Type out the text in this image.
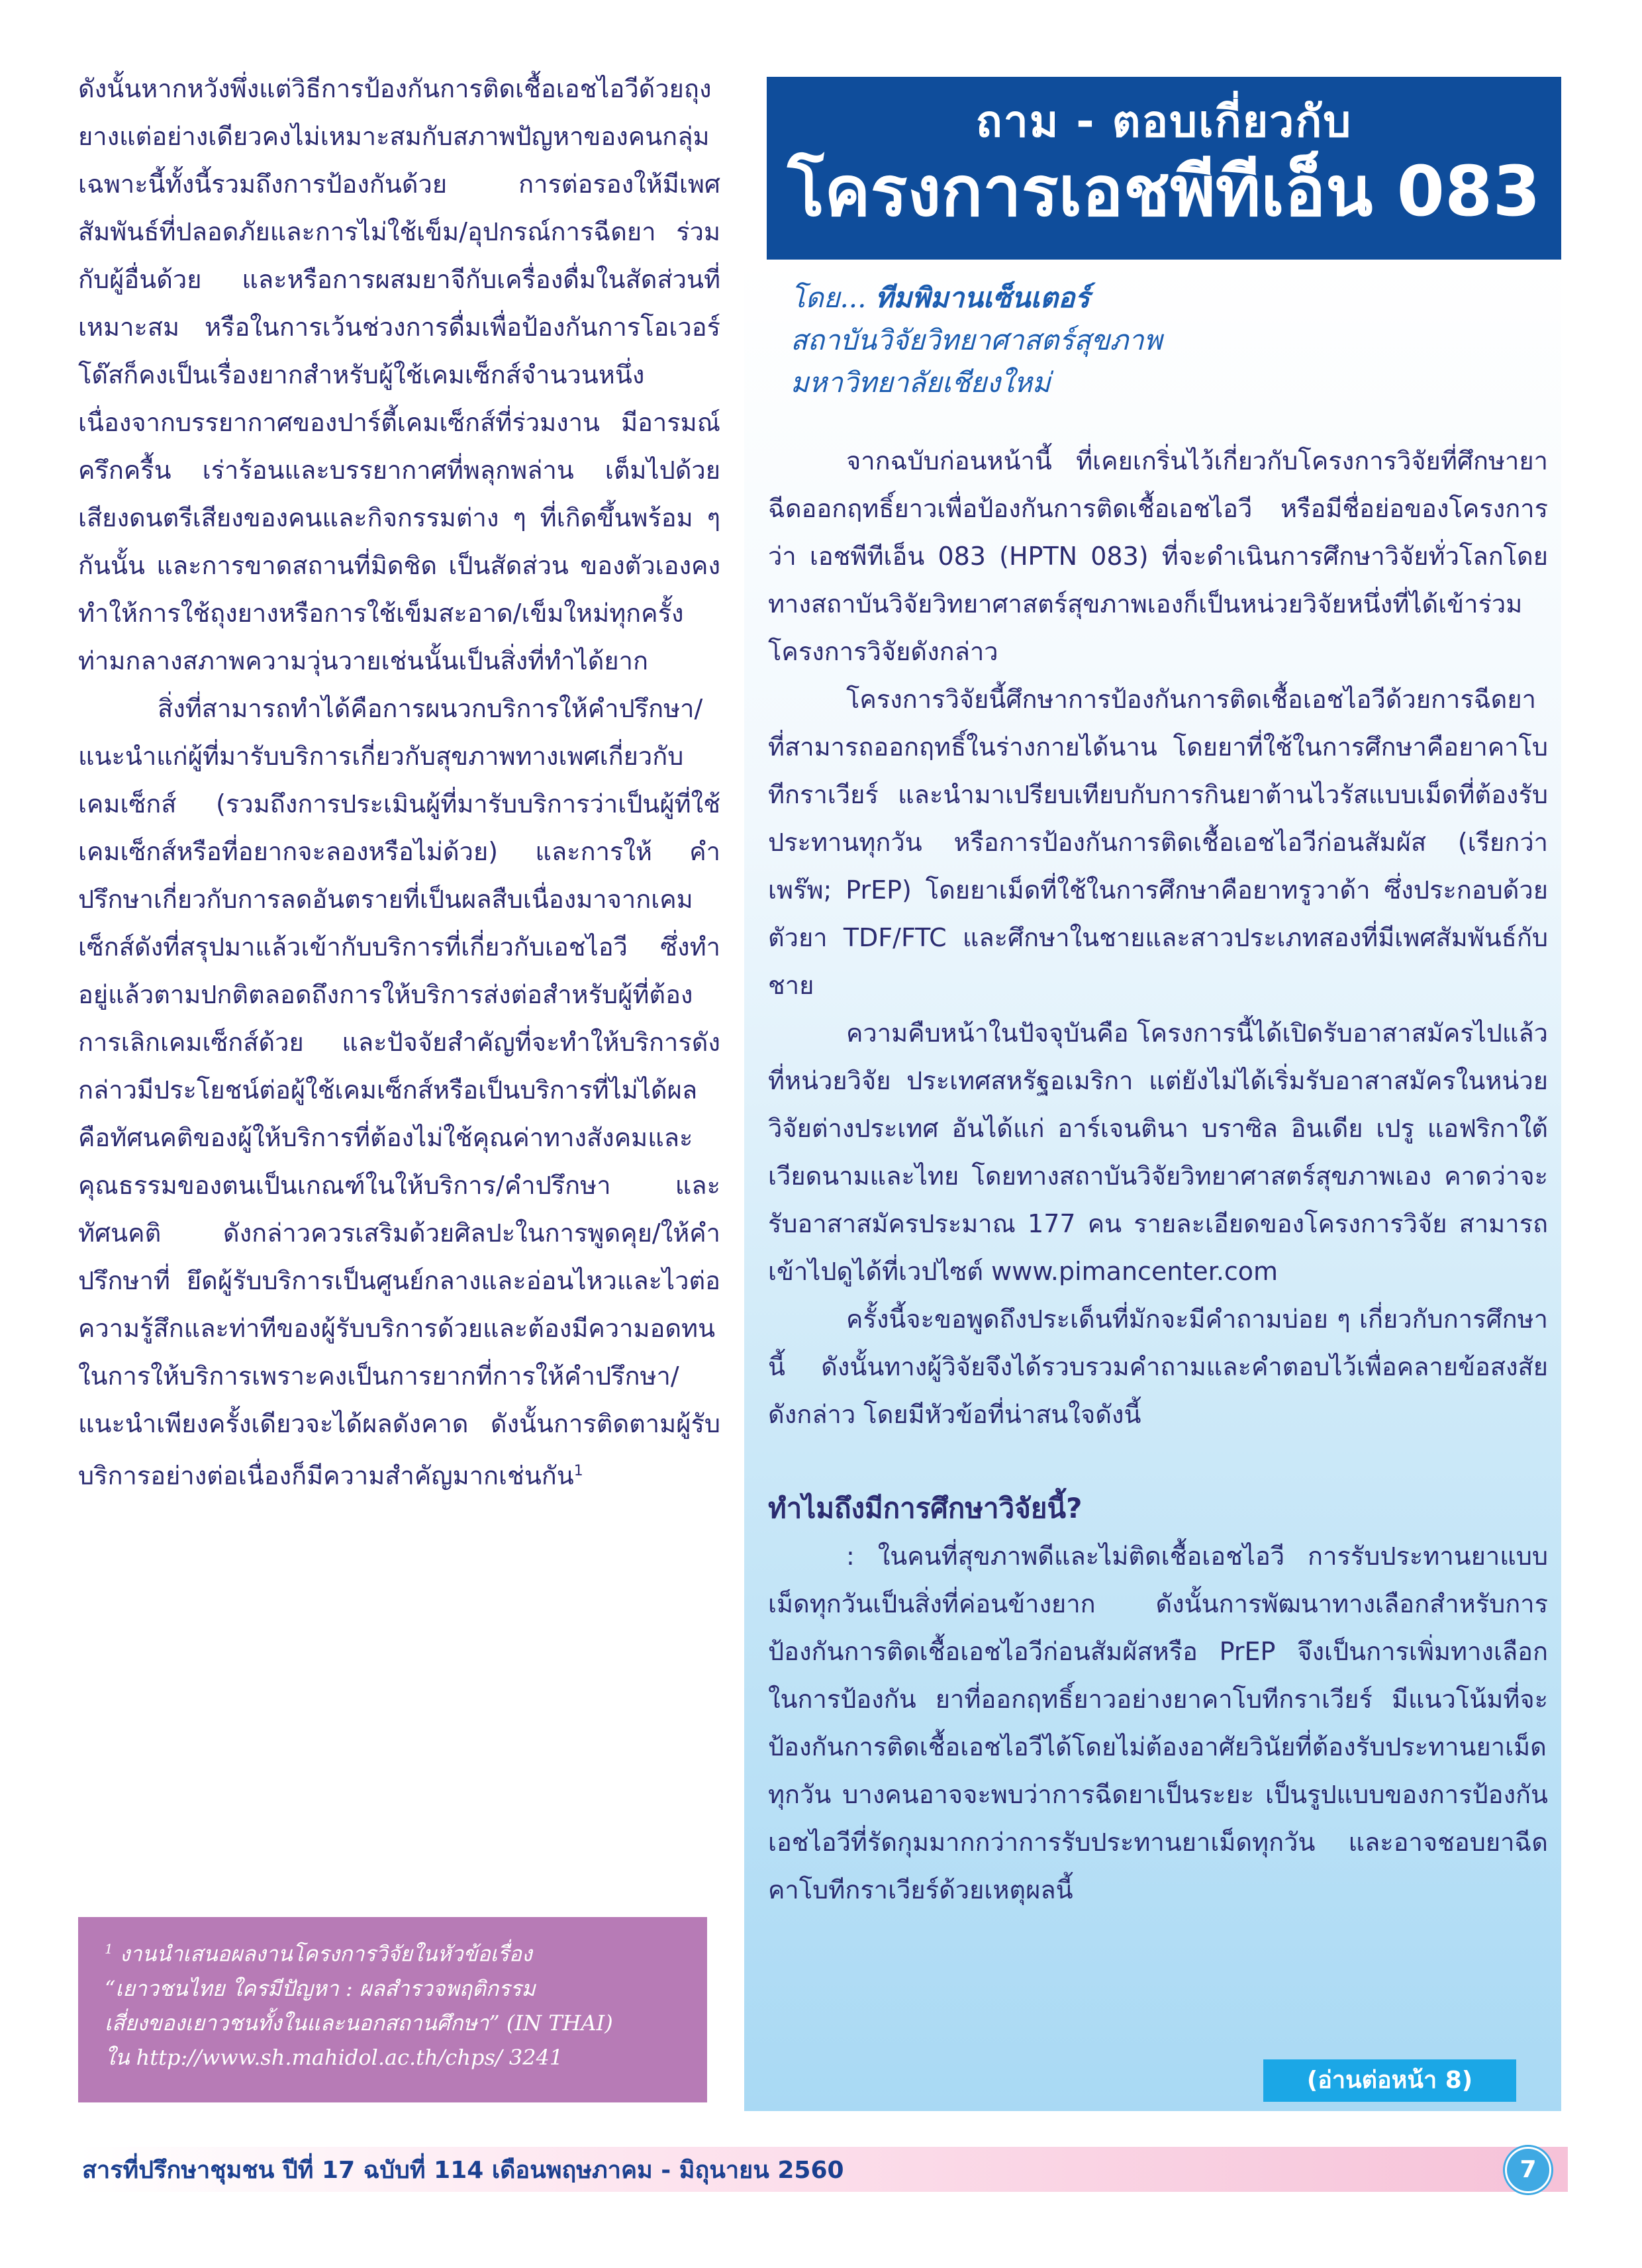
ดังนั้นหากหวังพึ่งแต่วิธีการป้องกันการติดเชื้อเอชไอวีด้วยถุงยางแต่อย่างเดียวคงไม่เหมาะสมกับสภาพปัญหาของคนกลุ่มเฉพาะนี้ทั้งนี้รวมถึงการป้องกันด้วย การต่อรองให้มีเพศสัมพันธ์ที่ปลอดภัยและการไม่ใช้เข็ม/อุปกรณ์การฉีดยา ร่วมกับผู้อื่นด้วย และหรือการผสมยาจีกับเครื่องดื่มในสัดส่วนที่เหมาะสม หรือในการเว้นช่วงการดื่มเพื่อป้องกันการโอเวอร์โด๊สก็คงเป็นเรื่องยากสำหรับผู้ใช้เคมเซ็กส์จำนวนหนึ่งเนื่องจากบรรยากาศของปาร์ตี้เคมเซ็กส์ที่ร่วมงาน มีอารมณ์ครึกครื้น เร่าร้อนและบรรยากาศที่พลุกพล่าน เต็มไปด้วยเสียงดนตรีเสียงของคนและกิจกรรมต่าง ๆ ที่เกิดขึ้นพร้อม ๆ กันนั้น และการขาดสถานที่มิดชิด เป็นสัดส่วน ของตัวเองคงทำให้การใช้ถุงยางหรือการใช้เข็มสะอาด/เข็มใหม่ทุกครั้งท่ามกลางสภาพความวุ่นวายเช่นนั้นเป็นสิ่งที่ทำได้ยาก

สิ่งที่สามารถทำได้คือการผนวกบริการให้คำปรึกษา/แนะนำแก่ผู้ที่มารับบริการเกี่ยวกับสุขภาพทางเพศเกี่ยวกับ เคมเซ็กส์ (รวมถึงการประเมินผู้ที่มารับบริการว่าเป็นผู้ที่ใช้ เคมเซ็กส์หรือที่อยากจะลองหรือไม่ด้วย) และการให้ คำปรึกษาเกี่ยวกับการลดอันตรายที่เป็นผลสืบเนื่องมาจากเคมเซ็กส์ดังที่สรุปมาแล้วเข้ากับบริการที่เกี่ยวกับเอชไอวี ซึ่งทำอยู่แล้วตามปกติตลอดถึงการให้บริการส่งต่อสำหรับผู้ที่ต้องการเลิกเคมเซ็กส์ด้วย และปัจจัยสำคัญที่จะทำให้บริการดังกล่าวมีประโยชน์ต่อผู้ใช้เคมเซ็กส์หรือเป็นบริการที่ไม่ได้ผล คือทัศนคติของผู้ให้บริการที่ต้องไม่ใช้คุณค่าทางสังคมและคุณธรรมของตนเป็นเกณฑ์ในให้บริการ/คำปรึกษา และทัศนคติ ดังกล่าวควรเสริมด้วยศิลปะในการพูดคุย/ให้คำปรึกษาที่ ยึดผู้รับบริการเป็นศูนย์กลางและอ่อนไหวและไวต่อความรู้สึกและท่าทีของผู้รับบริการด้วยและต้องมีความอดทนในการให้บริการเพราะคงเป็นการยากที่การให้คำปรึกษา/แนะนำเพียงครั้งเดียวจะได้ผลดังคาด ดังนั้นการติดตามผู้รับบริการอย่างต่อเนื่องก็มีความสำคัญมากเช่นกัน$^1$

$^1$ งานนำเสนอผลงานโครงการวิจัยในหัวข้อเรื่อง

“เยาวชนไทย ใครมีปัญหา : ผลสำรวจพฤติกรรม

เสี่ยงของเยาวชนทั้งในและนอกสถานศึกษา” (IN THAI)

ใน http://www.sh.mahidol.ac.th/chps/ 3241

ถาม - ตอบเกี่ยวกับ
โครงการเอชพีทีเอ็น 083
โดย... ทีมพิมานเซ็นเตอร์
สถาบันวิจัยวิทยาศาสตร์สุขภาพ
มหาวิทยาลัยเชียงใหม่

จากฉบับก่อนหน้านี้ ที่เคยเกริ่นไว้เกี่ยวกับโครงการวิจัยที่ศึกษายาฉีดออกฤทธิ์ยาวเพื่อป้องกันการติดเชื้อเอชไอวี หรือมีชื่อย่อของโครงการว่า เอชพีทีเอ็น 083 (HPTN 083) ที่จะดำเนินการศึกษาวิจัยทั่วโลกโดยทางสถาบันวิจัยวิทยาศาสตร์สุขภาพเองก็เป็นหน่วยวิจัยหนึ่งที่ได้เข้าร่วมโครงการวิจัยดังกล่าว

โครงการวิจัยนี้ศึกษาการป้องกันการติดเชื้อเอชไอวีด้วยการฉีดยาที่สามารถออกฤทธิ์ในร่างกายได้นาน โดยยาที่ใช้ในการศึกษาคือยาคาโบทีกราเวียร์ และนำมาเปรียบเทียบกับการกินยาต้านไวรัสแบบเม็ดที่ต้องรับประทานทุกวัน หรือการป้องกันการติดเชื้อเอชไอวีก่อนสัมผัส (เรียกว่าเพร๊พ; PrEP) โดยยาเม็ดที่ใช้ในการศึกษาคือยาทรูวาด้า ซึ่งประกอบด้วยตัวยา TDF/FTC และศึกษาในชายและสาวประเภทสองที่มีเพศสัมพันธ์กับชาย

ความคืบหน้าในปัจจุบันคือ โครงการนี้ได้เปิดรับอาสาสมัครไปแล้วที่หน่วยวิจัย ประเทศสหรัฐอเมริกา แต่ยังไม่ได้เริ่มรับอาสาสมัครในหน่วยวิจัยต่างประเทศ อันได้แก่ อาร์เจนตินา บราซิล อินเดีย เปรู แอฟริกาใต้ เวียดนามและไทย โดยทางสถาบันวิจัยวิทยาศาสตร์สุขภาพเอง คาดว่าจะรับอาสาสมัครประมาณ 177 คน รายละเอียดของโครงการวิจัย สามารถเข้าไปดูได้ที่เวปไซต์ www.pimancenter.com

ครั้งนี้จะขอพูดถึงประเด็นที่มักจะมีคำถามบ่อย ๆ เกี่ยวกับการศึกษานี้ ดังนั้นทางผู้วิจัยจึงได้รวบรวมคำถามและคำตอบไว้เพื่อคลายข้อสงสัยดังกล่าว โดยมีหัวข้อที่น่าสนใจดังนี้

ทำไมถึงมีการศึกษาวิจัยนี้?

: ในคนที่สุขภาพดีและไม่ติดเชื้อเอชไอวี การรับประทานยาแบบเม็ดทุกวันเป็นสิ่งที่ค่อนข้างยาก ดังนั้นการพัฒนาทางเลือกสำหรับการป้องกันการติดเชื้อเอชไอวีก่อนสัมผัสหรือ PrEP จึงเป็นการเพิ่มทางเลือกในการป้องกัน ยาที่ออกฤทธิ์ยาวอย่างยาคาโบทีกราเวียร์ มีแนวโน้มที่จะป้องกันการติดเชื้อเอชไอวีได้โดยไม่ต้องอาศัยวินัยที่ต้องรับประทานยาเม็ดทุกวัน บางคนอาจจะพบว่าการฉีดยาเป็นระยะ เป็นรูปแบบของการป้องกันเอชไอวีที่รัดกุมมากกว่าการรับประทานยาเม็ดทุกวัน และอาจชอบยาฉีดคาโบทีกราเวียร์ด้วยเหตุผลนี้

(อ่านต่อหน้า 8)
สารที่ปรึกษาชุมชน ปีที่ 17 ฉบับที่ 114 เดือนพฤษภาคม - มิถุนายน 2560	7
